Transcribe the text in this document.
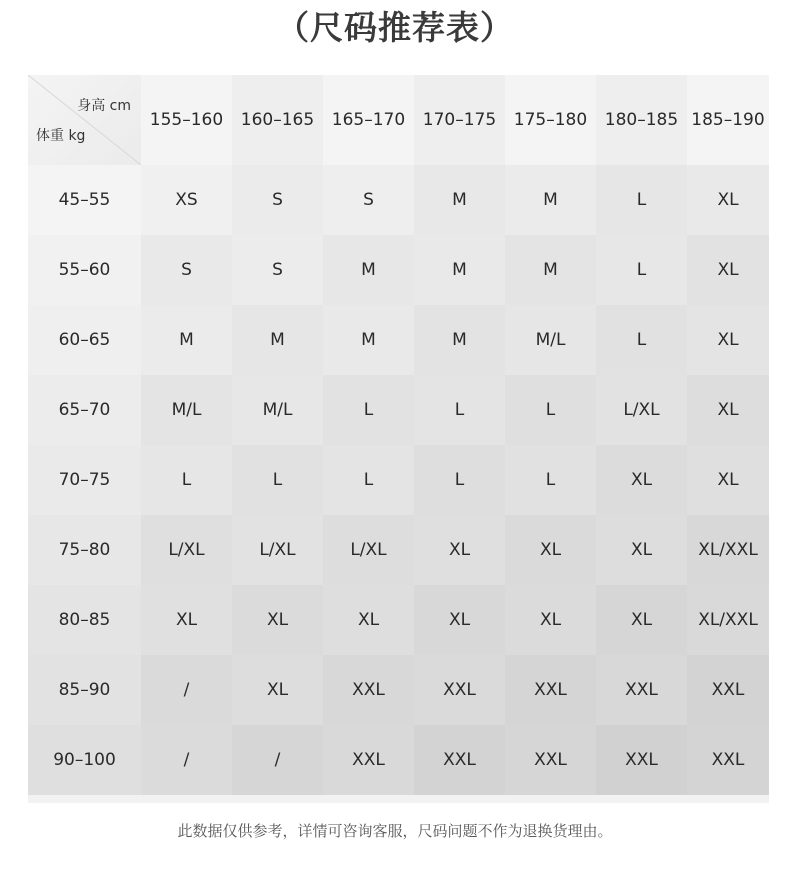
（尺码推荐表）
身高 cm
体重 kg	155–160	160–165	165–170	170–175	175–180	180–185	185–190
45–55	XS	S	S	M	M	L	XL
55–60	S	S	M	M	M	L	XL
60–65	M	M	M	M	M/L	L	XL
65–70	M/L	M/L	L	L	L	L/XL	XL
70–75	L	L	L	L	L	XL	XL
75–80	L/XL	L/XL	L/XL	XL	XL	XL	XL/XXL
80–85	XL	XL	XL	XL	XL	XL	XL/XXL
85–90	/	XL	XXL	XXL	XXL	XXL	XXL
90–100	/	/	XXL	XXL	XXL	XXL	XXL
此数据仅供参考，详情可咨询客服，尺码问题不作为退换货理由。
